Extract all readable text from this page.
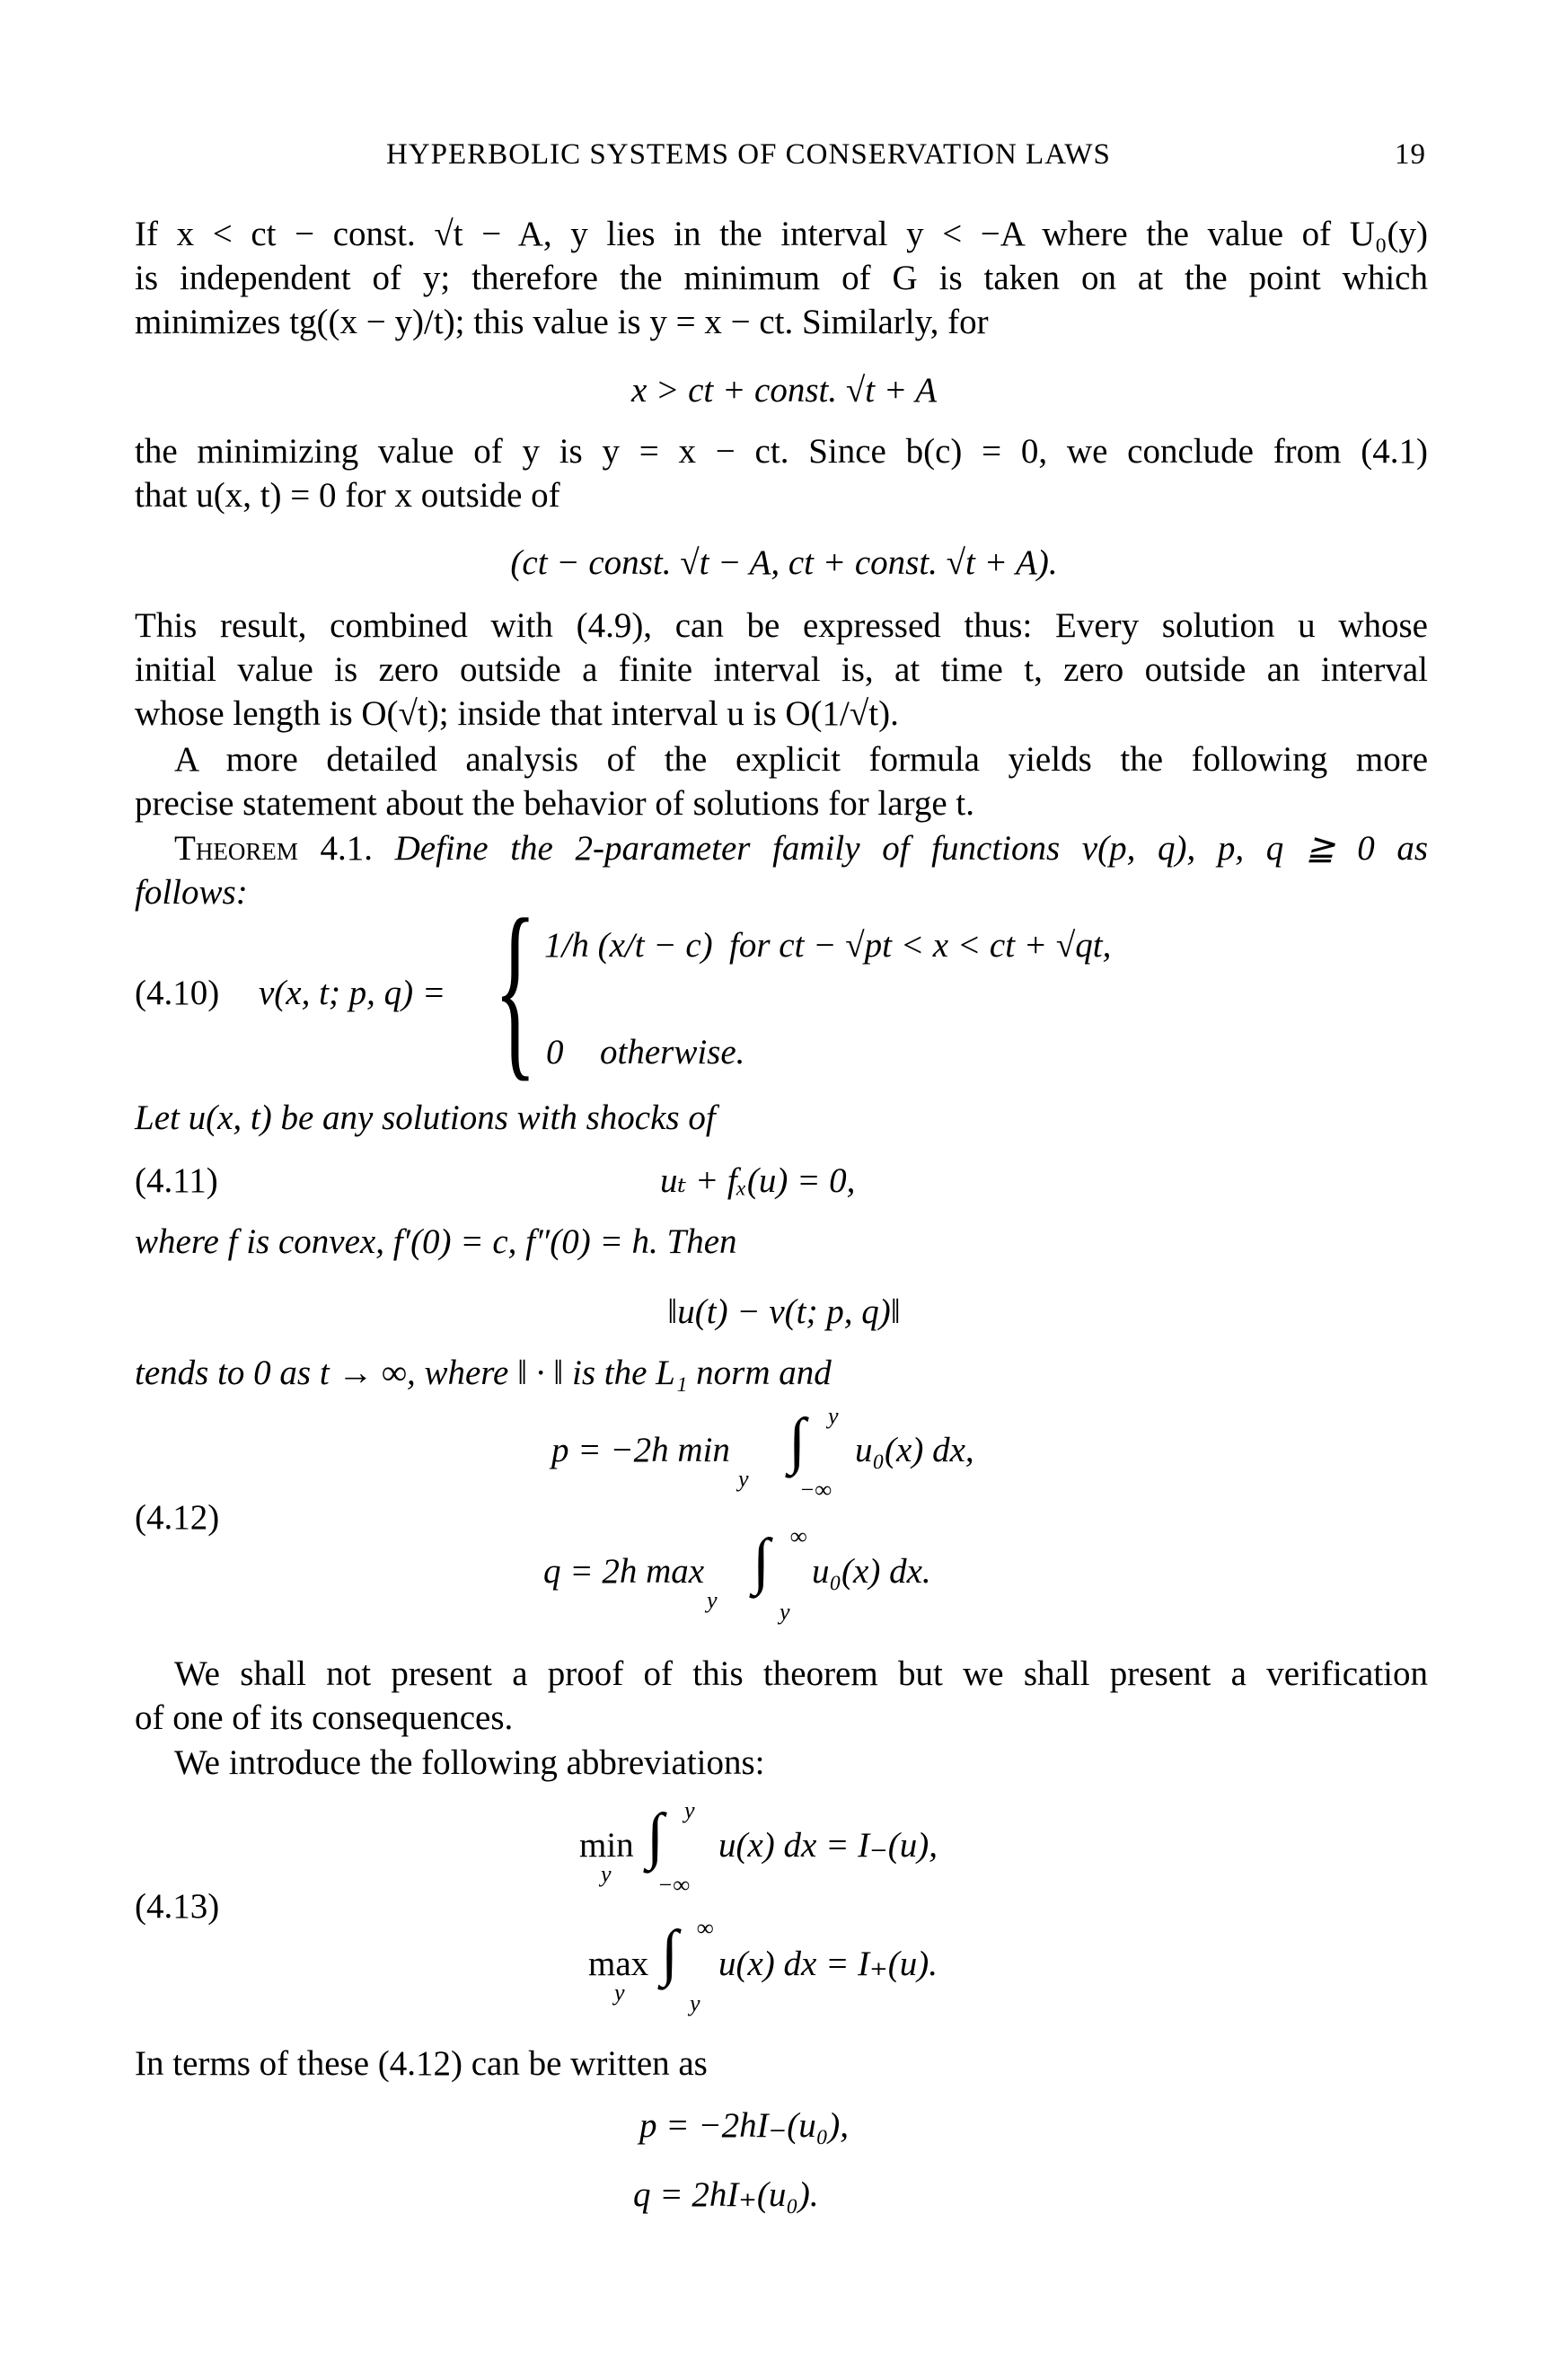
HYPERBOLIC SYSTEMS OF CONSERVATION LAWS	19
If x < ct − const. √t − A, y lies in the interval y < −A where the value of U₀(y)
is independent of y; therefore the minimum of G is taken on at the point which
minimizes tg((x − y)/t); this value is y = x − ct. Similarly, for
x > ct + const. √t + A
the minimizing value of y is y = x − ct. Since b(c) = 0, we conclude from (4.1)
that u(x, t) = 0 for x outside of
(ct − const. √t − A, ct + const. √t + A).
This result, combined with (4.9), can be expressed thus: Every solution u whose
initial value is zero outside a finite interval is, at time t, zero outside an interval
whose length is O(√t); inside that interval u is O(1/√t).
A more detailed analysis of the explicit formula yields the following more
precise statement about the behavior of solutions for large t.
Theorem 4.1. Define the 2-parameter family of functions v(p, q), p, q ≧ 0 as
follows:
(4.10) v(x, t; p, q) = { 1/h (x/t − c) for ct − √pt < x < ct + √qt,
0 otherwise.
Let u(x, t) be any solutions with shocks of
(4.11)	uₜ + fₓ(u) = 0,
where f is convex, f′(0) = c, f″(0) = h. Then
‖u(t) − v(t; p, q)‖
tends to 0 as t → ∞, where ‖ · ‖ is the L₁ norm and
(4.12)
p = −2h min
y
∫ y
−∞
u₀(x) dx,
q = 2h max
y
∫ ∞
y
u₀(x) dx.
We shall not present a proof of this theorem but we shall present a verification
of one of its consequences.
We introduce the following abbreviations:
(4.13)
min
y
∫ y
−∞
u(x) dx = I₋(u),
max
y
∫ ∞
y
u(x) dx = I₊(u).
In terms of these (4.12) can be written as
p = −2hI₋(u₀),
q = 2hI₊(u₀).
